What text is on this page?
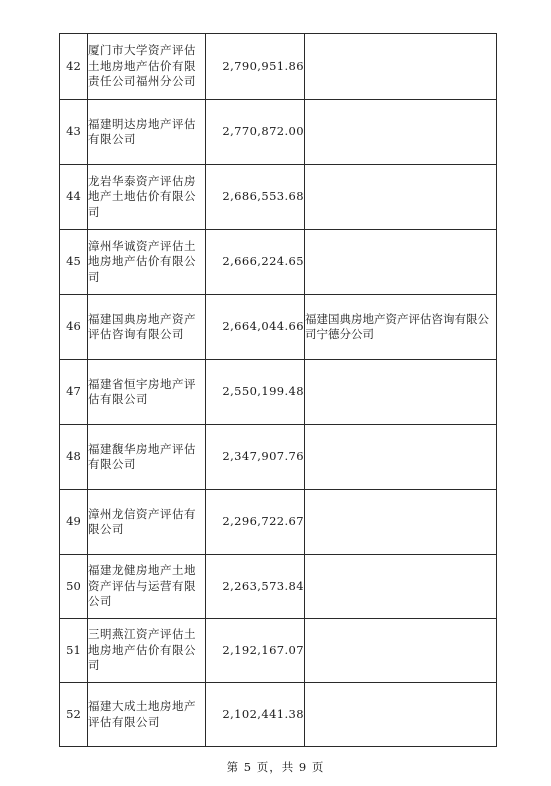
42	厦门市大学资产评估土地房地产估价有限责任公司福州分公司	2,790,951.86	
43	福建明达房地产评估有限公司	2,770,872.00	
44	龙岩华泰资产评估房地产土地估价有限公司	2,686,553.68	
45	漳州华诚资产评估土地房地产估价有限公司	2,666,224.65	
46	福建国典房地产资产评估咨询有限公司	2,664,044.66	福建国典房地产资产评估咨询有限公司宁德分公司
47	福建省恒宇房地产评估有限公司	2,550,199.48	
48	福建馥华房地产评估有限公司	2,347,907.76	
49	漳州龙信资产评估有限公司	2,296,722.67	
50	福建龙健房地产土地资产评估与运营有限公司	2,263,573.84	
51	三明燕江资产评估土地房地产估价有限公司	2,192,167.07	
52	福建大成土地房地产评估有限公司	2,102,441.38	
第 5 页，共 9 页
